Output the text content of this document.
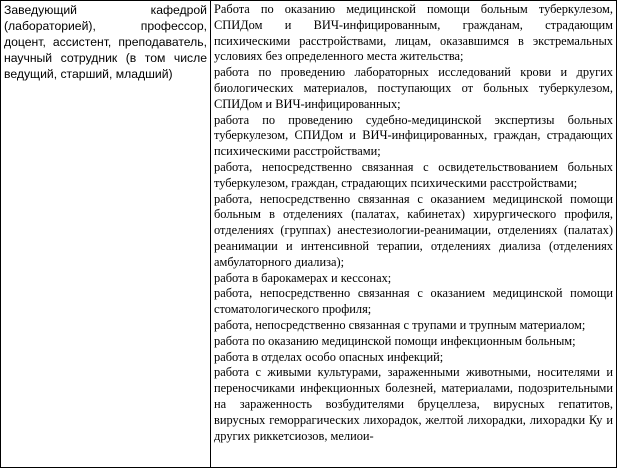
Заведующий кафедрой (лабораторией), профессор, доцент, ассистент, преподаватель, научный сотрудник (в том числе ведущий, старший, младший)

Работа по оказанию медицинской помощи больным туберкулезом, СПИДом и ВИЧ-инфицированным, гражданам, страдающим психическими расстройствами, лицам, оказавшимся в экстремальных условиях без определенного места жительства;
работа по проведению лабораторных исследований крови и других биологических материалов, поступающих от больных туберкулезом, СПИДом и ВИЧ-инфицированных;
работа по проведению судебно-медицинской экспертизы больных туберкулезом, СПИДом и ВИЧ-инфицированных, граждан, страдающих психическими расстройствами;
работа, непосредственно связанная с освидетельствованием больных туберкулезом, граждан, страдающих психическими расстройствами;
работа, непосредственно связанная с оказанием медицинской помощи больным в отделениях (палатах, кабинетах) хирургического профиля, отделениях (группах) анестезиологии-реанимации, отделениях (палатах) реанимации и интенсивной терапии, отделениях диализа (отделениях амбулаторного диализа);
работа в барокамерах и кессонах;
работа, непосредственно связанная с оказанием медицинской помощи стоматологического профиля;
работа, непосредственно связанная с трупами и трупным материалом;
работа по оказанию медицинской помощи инфекционным больным;
работа в отделах особо опасных инфекций;
работа с живыми культурами, зараженными животными, носителями и переносчиками инфекционных болезней, материалами, подозрительными на зараженность возбудителями бруцеллеза, вирусных гепатитов, вирусных геморрагических лихорадок, желтой лихорадки, лихорадки Ку и других риккетсиозов, мелиои-
